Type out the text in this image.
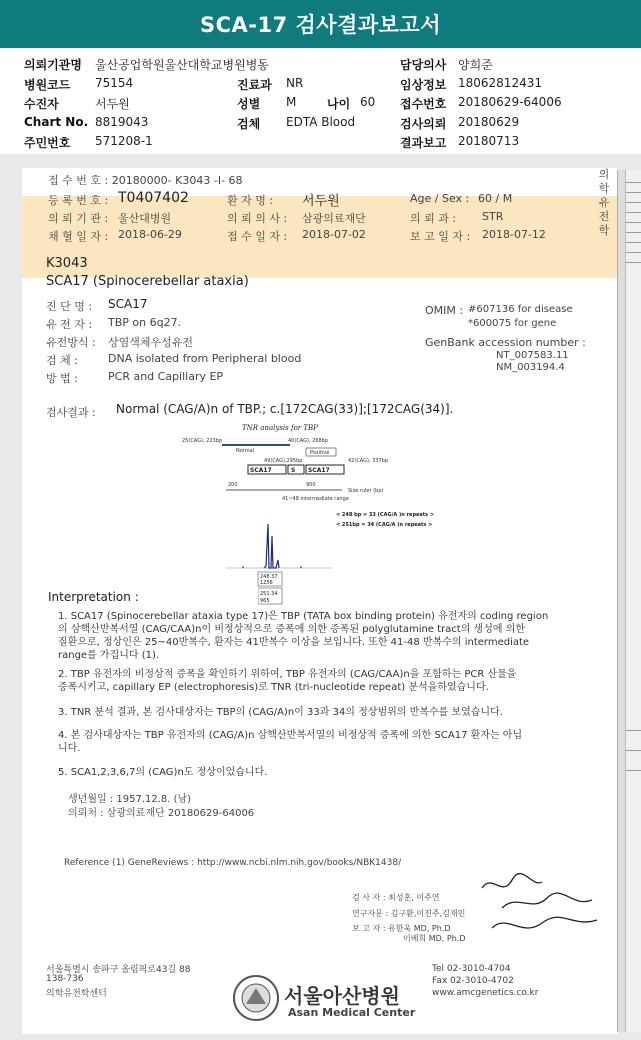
SCA-17 검사결과보고서
의뢰기관명 울산공업학원울산대학교병원병동	담당의사 양희준
병원코드 75154	진료과 NR	임상정보 18062812431
수진자	서두원	성별 M	나이 60 접수번호 20180629-64006
Chart No. 8819043	검체 EDTA Blood	검사의뢰 20180629
주민번호 571208-1	결과보고 20180713
의
학
유
전
학
접 수 번 호 : 20180000- K3043 -I- 68
등 록 번 호 : T0407402	환 자 명 : 서두원	Age / Sex : 60 / M
의 뢰 기 관 : 울산대병원	의 뢰 의 사 : 삼광의료재단	의 뢰 과 : STR
채 혈 일 자 : 2018-06-29	접 수 일 자 : 2018-07-02	보 고 일 자 : 2018-07-12
K3043
SCA17 (Spinocerebellar ataxia)
진 단 명 : SCA17
유 전 자 : TBP on 6q27.
유전방식 : 상염색체우성유전
검 체 :	DNA isolated from Peripheral blood
방 법 :	PCR and Capillary EP
OMIM : #607136 for disease
*600075 for gene
GenBank accession number :
NT_007583.11
NM_003194.4
검사결과 : Normal (CAG/A)n of TBP.; c.[172CAG(33)];[172CAG(34)].
TNR analysis for TBP
25(CAG), 223bp	40(CAG), 268bp
Normal	Positive
49(CAG),295bp	42(CAG), 337bp
SCA17	S SCA17
200	900
Size ruler (bp)
41~48 intermediate range
< 248 bp = 33 (CAG/A )n repeats >
< 251bp = 34 (CAG/A )n repeats >
248.37
1256
251.34
965
Interpretation :
1. SCA17 (Spinocerebellar ataxia type 17)은 TBP (TATA box binding protein) 유전자의 coding region
의 삼핵산반복서열 (CAG/CAA)n이 비정상적으로 증폭에 의한 증폭된 polyglutamine tract의 생성에 의한
질환으로, 정상인은 25~40반복수, 환자는 41반복수 이상을 보입니다. 또한 41-48 반복수의 intermediate
range를 가집니다 (1).
2. TBP 유전자의 비정상적 증폭을 확인하기 위하여, TBP 유전자의 (CAG/CAA)n을 포함하는 PCR 산물을
증폭시키고, capillary EP (electrophoresis)로 TNR (tri-nucleotide repeat) 분석을하였습니다.
3. TNR 분석 결과, 본 검사대상자는 TBP의 (CAG/A)n이 33과 34의 정상범위의 반복수를 보였습니다.
4. 본 검사대상자는 TBP 유전자의 (CAG/A)n 삼핵산반복서열의 비정상적 증폭에 의한 SCA17 환자는 아닙
니다.
5. SCA1,2,3,6,7의 (CAG)n도 정상이었습니다.
생년월일 : 1957.12.8. (남)
의뢰처 : 삼광의료재단 20180629-64006
Reference (1) GeneReviews : http://www.ncbi.nlm.nih.gov/books/NBK1438/
검 사 자 : 최성훈, 이주연
연구자문 : 김구환,이진주,김재민
보 고 자 : 유한욱 MD, Ph.D
이베희 MD, Ph.D
서울특별시 송파구 올림픽로43길 88
138-736
의학유전학센터	서울아산병원
Asan Medical Center
Tel 02-3010-4704
Fax 02-3010-4702
www.amcgenetics.co.kr
